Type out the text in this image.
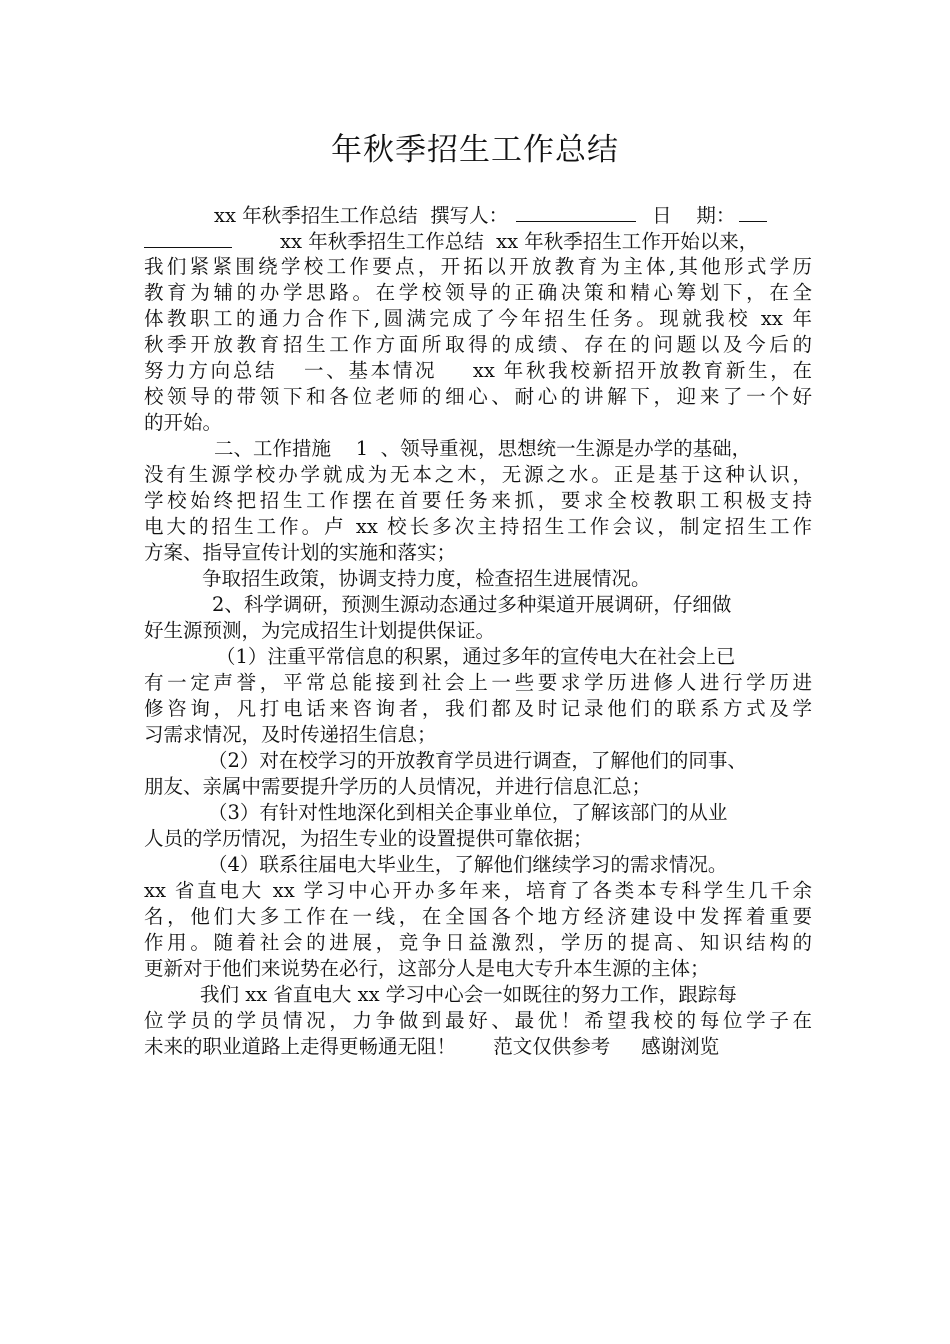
年秋季招生工作总结
xx 年秋季招生工作总结  撰写人：	日    期：
xx 年秋季招生工作总结  xx 年秋季招生工作开始以来，
我们紧紧围绕学校工作要点，开拓以开放教育为主体,其他形式学历
教育为辅的办学思路。在学校领导的正确决策和精心筹划下，在全
体教职工的通力合作下,圆满完成了今年招生任务。现就我校 xx 年
秋季开放教育招生工作方面所取得的成绩、存在的问题以及今后的
努力方向总结   一、基本情况    xx 年秋我校新招开放教育新生，在
校领导的带领下和各位老师的细心、耐心的讲解下，迎来了一个好
的开始。
二、工作措施    1  、领导重视，思想统一生源是办学的基础，
没有生源学校办学就成为无本之木，无源之水。正是基于这种认识，
学校始终把招生工作摆在首要任务来抓，要求全校教职工积极支持
电大的招生工作。卢 xx 校长多次主持招生工作会议，制定招生工作
方案、指导宣传计划的实施和落实；
争取招生政策，协调支持力度，检查招生进展情况。
2、科学调研，预测生源动态通过多种渠道开展调研，仔细做
好生源预测，为完成招生计划提供保证。
（1）注重平常信息的积累，通过多年的宣传电大在社会上已
有一定声誉，平常总能接到社会上一些要求学历进修人进行学历进
修咨询，凡打电话来咨询者，我们都及时记录他们的联系方式及学
习需求情况，及时传递招生信息；
（2）对在校学习的开放教育学员进行调查，了解他们的同事、
朋友、亲属中需要提升学历的人员情况，并进行信息汇总；
（3）有针对性地深化到相关企事业单位，了解该部门的从业
人员的学历情况，为招生专业的设置提供可靠依据；
（4）联系往届电大毕业生，了解他们继续学习的需求情况。
xx 省直电大 xx 学习中心开办多年来，培育了各类本专科学生几千余
名，他们大多工作在一线，在全国各个地方经济建设中发挥着重要
作用。随着社会的进展，竞争日益激烈，学历的提高、知识结构的
更新对于他们来说势在必行，这部分人是电大专升本生源的主体；
我们 xx 省直电大 xx 学习中心会一如既往的努力工作，跟踪每
位学员的学员情况，力争做到最好、最优！希望我校的每位学子在
未来的职业道路上走得更畅通无阻！      范文仅供参考     感谢浏览
